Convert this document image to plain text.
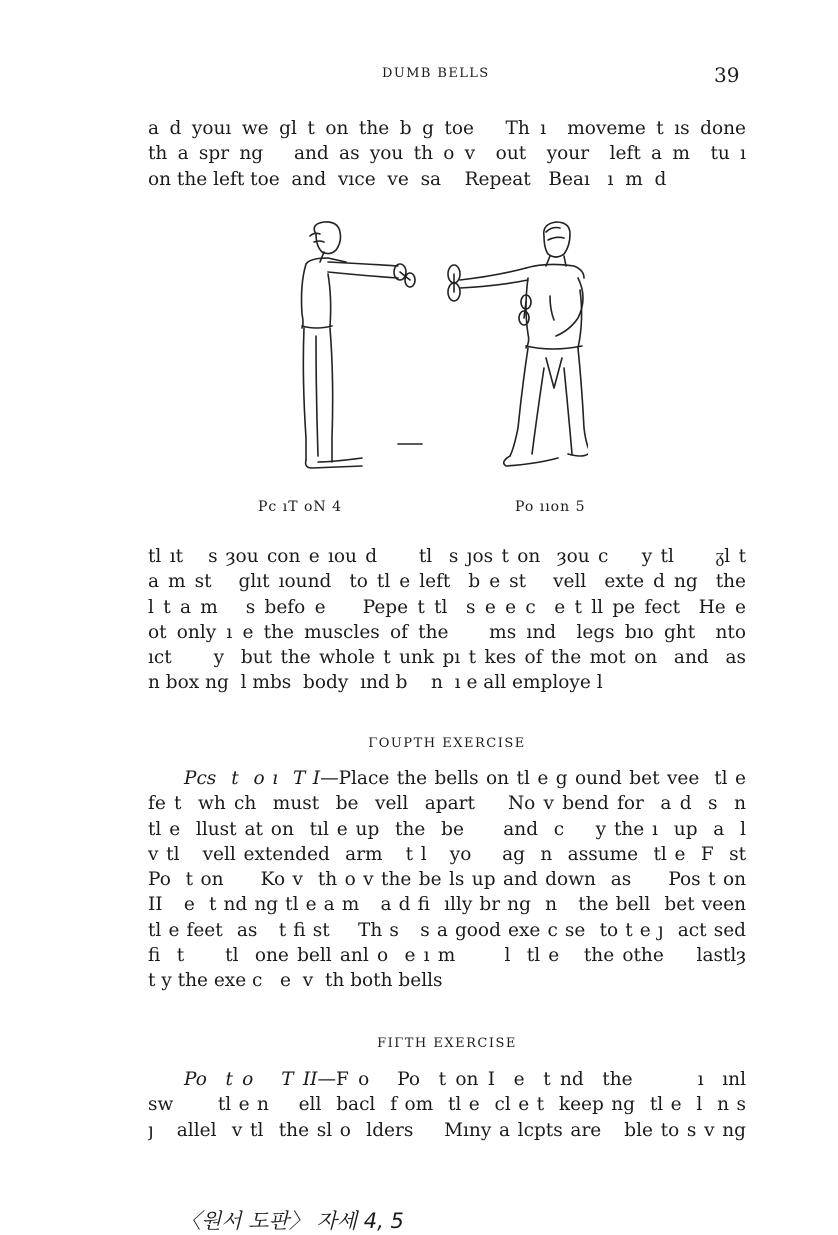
DUMB BELLS	39
a d youı we gl t on the b g toe   Th ı  moveme t ıs done
th a spr ng   and as you th o v  out  your  left a m  tu ı
on the left toe  and  vıce  ve  sa    Repeat   Beaı   ı  m  d
Pc ıT oN 4	Po ııon 5
tl ıt   s ȝou con e ıou d     tl  s ȷos t on  ȝou c    y tl     ᵹl t
a m st   glıt ıound  to tl e left  b e st   vell  exte d ng  the
l t a m   s befo e    Pepe t tl  s e e c  e t ll pe fect  He e
ot only ı e the muscles of the    ms ınd  legs bıo ght  nto
ıct     y  but the whole t unk pı t kes of the mot on  and  as
n box ng  l mbs  body  ınd b    n  ı e all employe l
ΓOUΡTH EXERCISE
Pcs  t  o ı  T I—Place the bells on tl e g ound bet vee  tl e
fe t  wh ch  must  be  vell  apart    No v bend for  a d  s  n
tl e  llust at on  tıl e up  the  be     and  c    y the ı  up  a  l
v tl   vell extended  arm   t l   yo    ag  n  assume  tl e  F  st
Po  t on     Ko v  th o v the be ls up and down  as     Pos t on
II   e  t nd ng tl e a m   a d fi  ılly br ng  n   the bell  bet veen
tl e feet  as   t fi st    Th s   s a good exe c se  to t e ȷ  act sed
fi  t     tl  one bell anl o  e ı m      l  tl e   the othe    lastlȝ
t y the exe c   e  v  th both bells
FIΓTH EXERCISE
Po  t o   T II—F o   Po  t on I  e  t nd  the       ı  ınl
sw      tl e n    ell  bacl  f om  tl e  cl e t  keep ng  tl e  l  n s
ȷ   allel  v tl  the sl o  lders    Mıny a lcpts are   ble to s v ng
〈원서 도판〉 자세 4, 5
